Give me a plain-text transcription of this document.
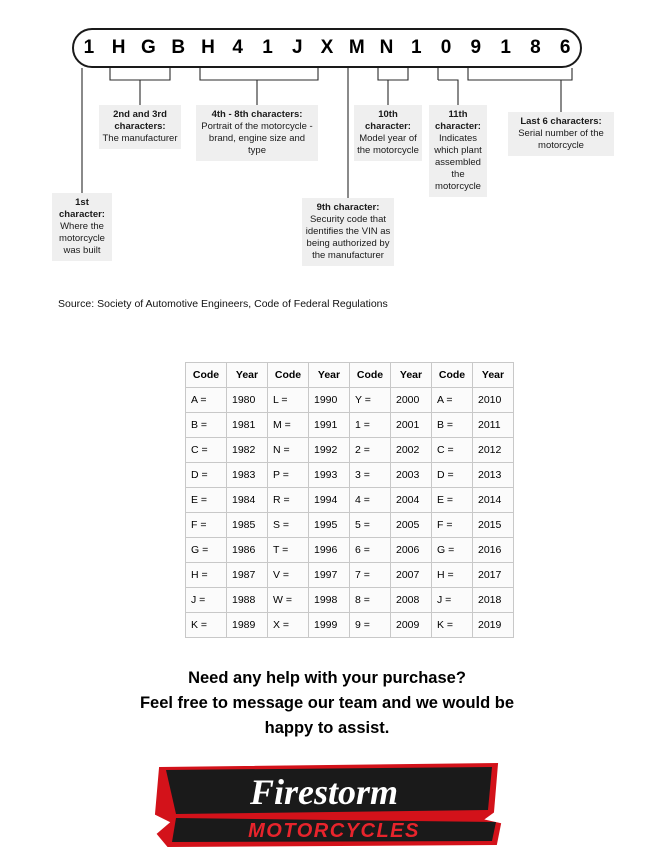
1 H G B H 4	1	J X M N 1	0	9	1	8	6
1st character:
Where the motorcycle was built
2nd and 3rd characters:
The manufacturer
4th - 8th characters:
Portrait of the motorcycle - brand, engine size and type
10th character:
Model year of the motorcycle
11th character:
Indicates which plant assembled the motorcycle
Last 6 characters:
Serial number of the motorcycle
9th character:
Security code that identifies the VIN as being authorized by the manufacturer
Source: Society of Automotive Engineers, Code of Federal Regulations
Code	Year	Code	Year	Code	Year	Code	Year
A =	1980	L =	1990	Y =	2000	A =	2010
B =	1981	M =	1991	1 =	2001	B =	2011
C =	1982	N =	1992	2 =	2002	C =	2012
D =	1983	P =	1993	3 =	2003	D =	2013
E =	1984	R =	1994	4 =	2004	E =	2014
F =	1985	S =	1995	5 =	2005	F =	2015
G =	1986	T =	1996	6 =	2006	G =	2016
H =	1987	V =	1997	7 =	2007	H =	2017
J =	1988	W =	1998	8 =	2008	J =	2018
K =	1989	X =	1999	9 =	2009	K =	2019
Need any help with your purchase?
Feel free to message our team and we would be
happy to assist.
Firestorm
MOTORCYCLES
